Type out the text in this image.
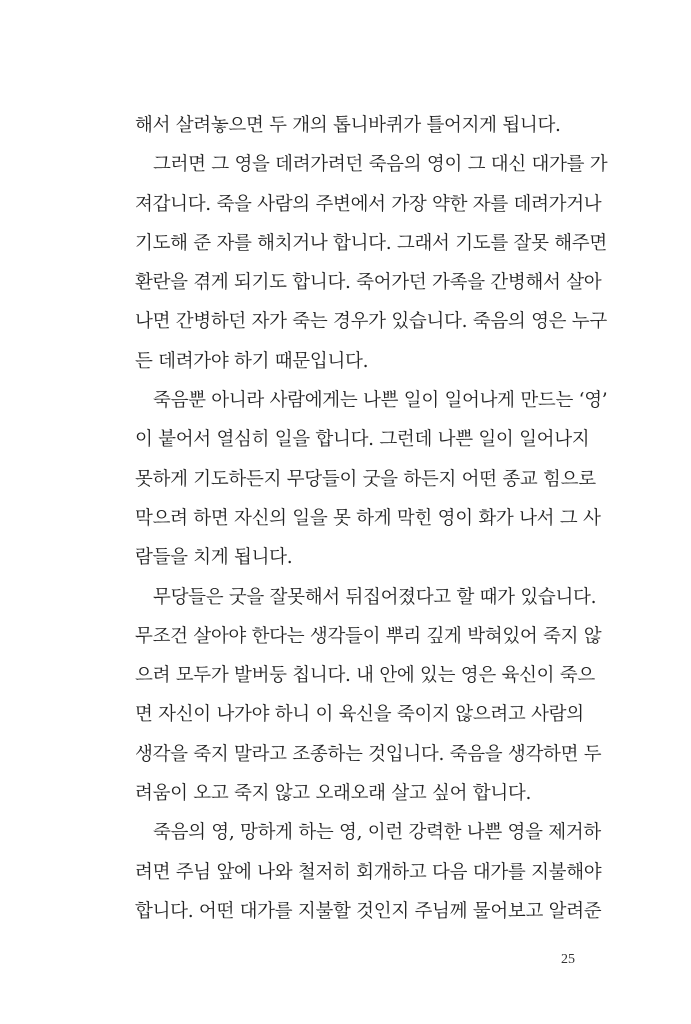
해서 살려놓으면 두 개의 톱니바퀴가 틀어지게 됩니다.
그러면 그 영을 데려가려던 죽음의 영이 그 대신 대가를 가
져갑니다. 죽을 사람의 주변에서 가장 약한 자를 데려가거나
기도해 준 자를 해치거나 합니다. 그래서 기도를 잘못 해주면
환란을 겪게 되기도 합니다. 죽어가던 가족을 간병해서 살아
나면 간병하던 자가 죽는 경우가 있습니다. 죽음의 영은 누구
든 데려가야 하기 때문입니다.
죽음뿐 아니라 사람에게는 나쁜 일이 일어나게 만드는 ‘영’
이 붙어서 열심히 일을 합니다. 그런데 나쁜 일이 일어나지
못하게 기도하든지 무당들이 굿을 하든지 어떤 종교 힘으로
막으려 하면 자신의 일을 못 하게 막힌 영이 화가 나서 그 사
람들을 치게 됩니다.
무당들은 굿을 잘못해서 뒤집어졌다고 할 때가 있습니다.
무조건 살아야 한다는 생각들이 뿌리 깊게 박혀있어 죽지 않
으려 모두가 발버둥 칩니다. 내 안에 있는 영은 육신이 죽으
면 자신이 나가야 하니 이 육신을 죽이지 않으려고 사람의
생각을 죽지 말라고 조종하는 것입니다. 죽음을 생각하면 두
려움이 오고 죽지 않고 오래오래 살고 싶어 합니다.
죽음의 영, 망하게 하는 영, 이런 강력한 나쁜 영을 제거하
려면 주님 앞에 나와 철저히 회개하고 다음 대가를 지불해야
합니다. 어떤 대가를 지불할 것인지 주님께 물어보고 알려준
25
